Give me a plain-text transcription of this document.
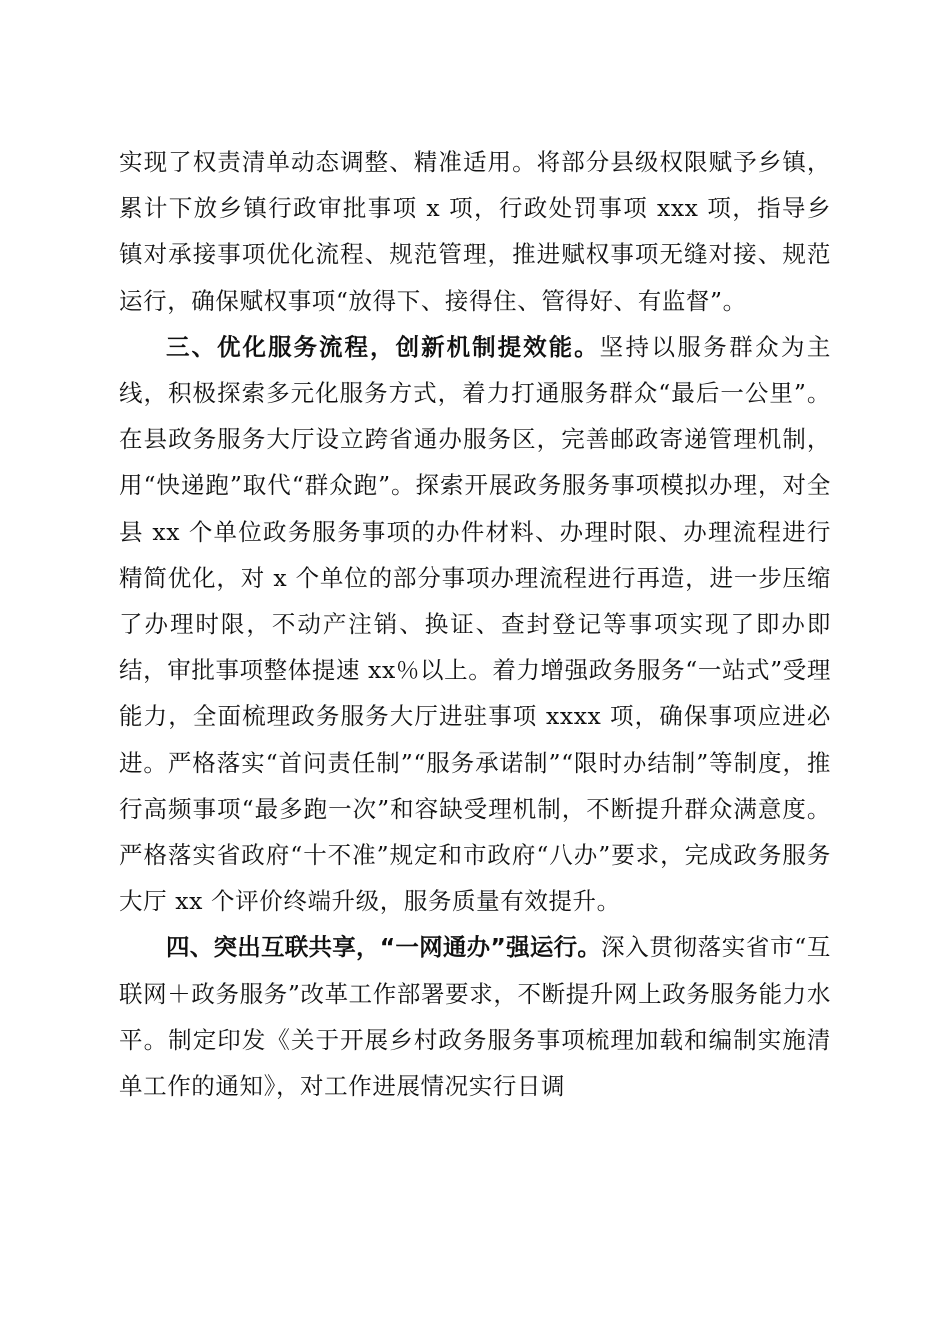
实现了权责清单动态调整、精准适用。将部分县级权限赋予乡镇，累计下放乡镇行政审批事项 x 项，行政处罚事项 xxx 项，指导乡镇对承接事项优化流程、规范管理，推进赋权事项无缝对接、规范运行，确保赋权事项“放得下、接得住、管得好、有监督”。

三、优化服务流程，创新机制提效能。坚持以服务群众为主线，积极探索多元化服务方式，着力打通服务群众“最后一公里”。在县政务服务大厅设立跨省通办服务区，完善邮政寄递管理机制，用“快递跑”取代“群众跑”。探索开展政务服务事项模拟办理，对全县 xx 个单位政务服务事项的办件材料、办理时限、办理流程进行精简优化，对 x 个单位的部分事项办理流程进行再造，进一步压缩了办理时限，不动产注销、换证、查封登记等事项实现了即办即结，审批事项整体提速 xx％以上。着力增强政务服务“一站式”受理能力，全面梳理政务服务大厅进驻事项 xxxx 项，确保事项应进必进。严格落实“首问责任制”“服务承诺制”“限时办结制”等制度，推行高频事项“最多跑一次”和容缺受理机制，不断提升群众满意度。严格落实省政府“十不准”规定和市政府“八办”要求，完成政务服务大厅 xx 个评价终端升级，服务质量有效提升。

四、突出互联共享，“一网通办”强运行。深入贯彻落实省市“互联网＋政务服务”改革工作部署要求，不断提升网上政务服务能力水平。制定印发《关于开展乡村政务服务事项梳理加载和编制实施清单工作的通知》，对工作进展情况实行日调
